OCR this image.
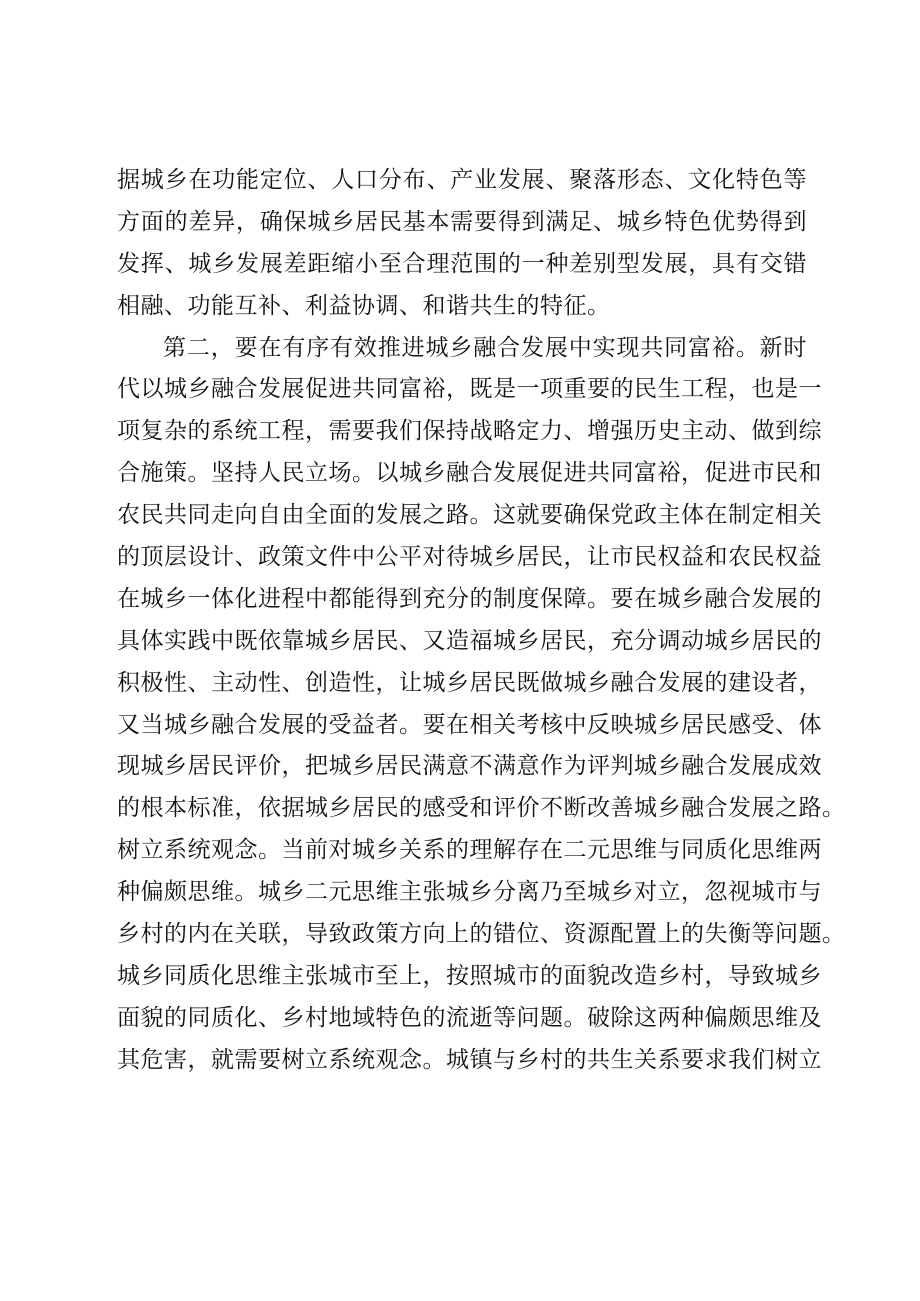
据城乡在功能定位、人口分布、产业发展、聚落形态、文化特色等
方面的差异，确保城乡居民基本需要得到满足、城乡特色优势得到
发挥、城乡发展差距缩小至合理范围的一种差别型发展，具有交错
相融、功能互补、利益协调、和谐共生的特征。
第二，要在有序有效推进城乡融合发展中实现共同富裕。新时
代以城乡融合发展促进共同富裕，既是一项重要的民生工程，也是一
项复杂的系统工程，需要我们保持战略定力、增强历史主动、做到综
合施策。坚持人民立场。以城乡融合发展促进共同富裕，促进市民和
农民共同走向自由全面的发展之路。这就要确保党政主体在制定相关
的顶层设计、政策文件中公平对待城乡居民，让市民权益和农民权益
在城乡一体化进程中都能得到充分的制度保障。要在城乡融合发展的
具体实践中既依靠城乡居民、又造福城乡居民，充分调动城乡居民的
积极性、主动性、创造性，让城乡居民既做城乡融合发展的建设者，
又当城乡融合发展的受益者。要在相关考核中反映城乡居民感受、体
现城乡居民评价，把城乡居民满意不满意作为评判城乡融合发展成效
的根本标准，依据城乡居民的感受和评价不断改善城乡融合发展之路。
树立系统观念。当前对城乡关系的理解存在二元思维与同质化思维两
种偏颇思维。城乡二元思维主张城乡分离乃至城乡对立，忽视城市与
乡村的内在关联，导致政策方向上的错位、资源配置上的失衡等问题。
城乡同质化思维主张城市至上，按照城市的面貌改造乡村，导致城乡
面貌的同质化、乡村地域特色的流逝等问题。破除这两种偏颇思维及
其危害，就需要树立系统观念。城镇与乡村的共生关系要求我们树立
